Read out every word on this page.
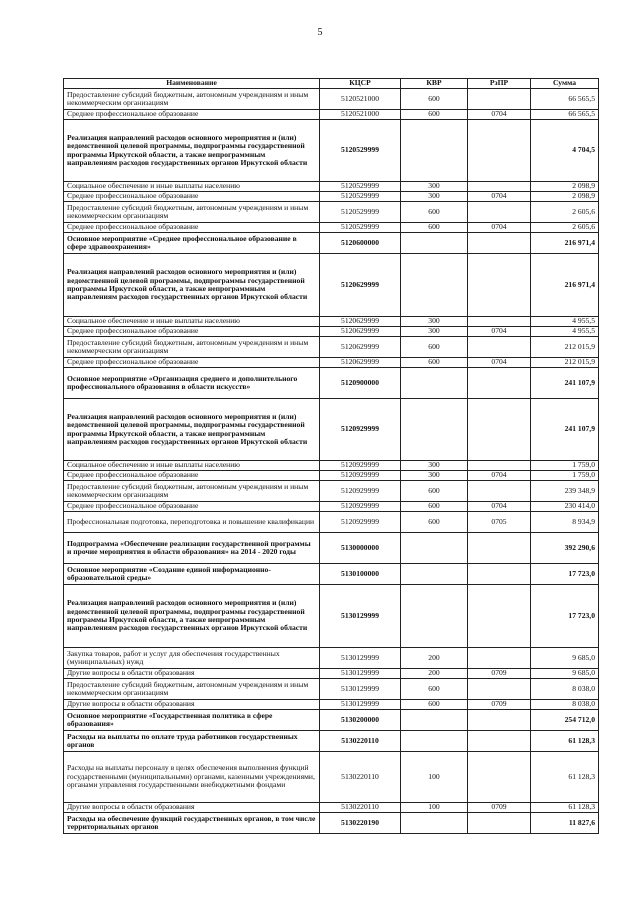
5
Наименование	КЦСР	КВР	РзПР	Сумма
Предоставление субсидий бюджетным, автономным учреждениям и иным некоммерческим организациям	5120521000	600		66 565,5
Среднее профессиональное образование	5120521000	600	0704	66 565,5
Реализация направлений расходов основного мероприятия и (или) ведомственной целевой программы, подпрограммы государственной программы Иркутской области, а также непрограммным направлениям расходов государственных органов Иркутской области	5120529999			4 704,5
Социальное обеспечение и иные выплаты населению	5120529999	300		2 098,9
Среднее профессиональное образование	5120529999	300	0704	2 098,9
Предоставление субсидий бюджетным, автономным учреждениям и иным некоммерческим организациям	5120529999	600		2 605,6
Среднее профессиональное образование	5120529999	600	0704	2 605,6
Основное мероприятие «Среднее профессиональное образование в сфере здравоохранения»	5120600000			216 971,4
Реализация направлений расходов основного мероприятия и (или) ведомственной целевой программы, подпрограммы государственной программы Иркутской области, а также непрограммным направлениям расходов государственных органов Иркутской области	5120629999			216 971,4
Социальное обеспечение и иные выплаты населению	5120629999	300		4 955,5
Среднее профессиональное образование	5120629999	300	0704	4 955,5
Предоставление субсидий бюджетным, автономным учреждениям и иным некоммерческим организациям	5120629999	600		212 015,9
Среднее профессиональное образование	5120629999	600	0704	212 015,9
Основное мероприятие «Организация среднего и дополнительного профессионального образования в области искусств»	5120900000			241 107,9
Реализация направлений расходов основного мероприятия и (или) ведомственной целевой программы, подпрограммы государственной программы Иркутской области, а также непрограммным направлениям расходов государственных органов Иркутской области	5120929999			241 107,9
Социальное обеспечение и иные выплаты населению	5120929999	300		1 759,0
Среднее профессиональное образование	5120929999	300	0704	1 759,0
Предоставление субсидий бюджетным, автономным учреждениям и иным некоммерческим организациям	5120929999	600		239 348,9
Среднее профессиональное образование	5120929999	600	0704	230 414,0
Профессиональная подготовка, переподготовка и повышение квалификации	5120929999	600	0705	8 934,9
Подпрограмма «Обеспечение реализации государственной программы и прочие мероприятия в области образования» на 2014 - 2020 годы	5130000000			392 290,6
Основное мероприятие «Создание единой информационно-образовательной среды»	5130100000			17 723,0
Реализация направлений расходов основного мероприятия и (или) ведомственной целевой программы, подпрограммы государственной программы Иркутской области, а также непрограммным направлениям расходов государственных органов Иркутской области	5130129999			17 723,0
Закупка товаров, работ и услуг для обеспечения государственных (муниципальных) нужд	5130129999	200		9 685,0
Другие вопросы в области образования	5130129999	200	0709	9 685,0
Предоставление субсидий бюджетным, автономным учреждениям и иным некоммерческим организациям	5130129999	600		8 038,0
Другие вопросы в области образования	5130129999	600	0709	8 038,0
Основное мероприятие «Государственная политика в сфере образования»	5130200000			254 712,0
Расходы на выплаты по оплате труда работников государственных органов	5130220110			61 128,3
Расходы на выплаты персоналу в целях обеспечения выполнения функций государственными (муниципальными) органами, казенными учреждениями, органами управления государственными внебюджетными фондами	5130220110	100		61 128,3
Другие вопросы в области образования	5130220110	100	0709	61 128,3
Расходы на обеспечение функций государственных органов, в том числе территориальных органов	5130220190			11 827,6
